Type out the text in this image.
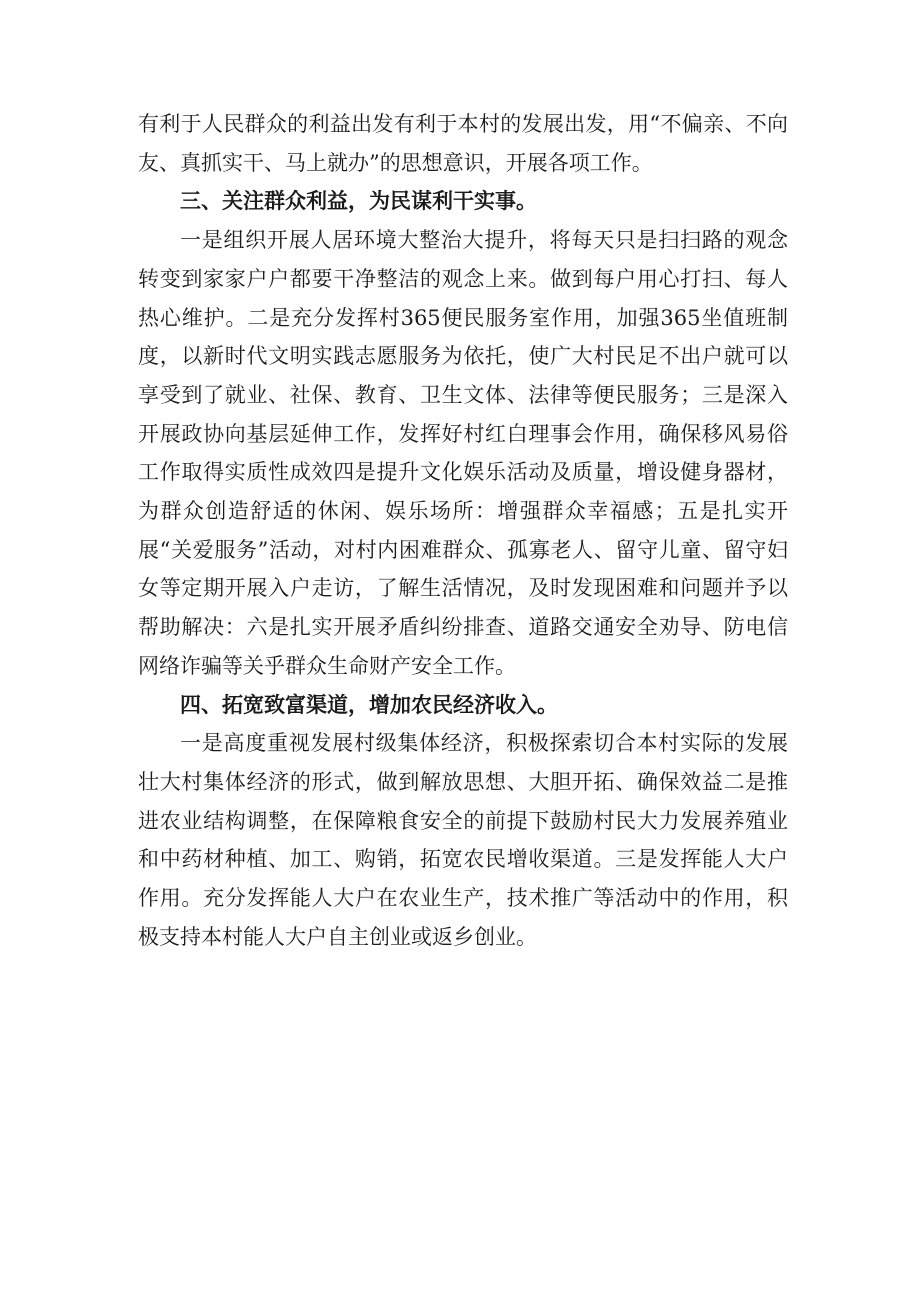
有利于人民群众的利益出发有利于本村的发展出发，用“不偏亲、不向友、真抓实干、马上就办”的思想意识，开展各项工作。

三、关注群众利益，为民谋利干实事。

一是组织开展人居环境大整治大提升，将每天只是扫扫路的观念转变到家家户户都要干净整洁的观念上来。做到每户用心打扫、每人热心维护。二是充分发挥村365便民服务室作用，加强365坐值班制度，以新时代文明实践志愿服务为依托，使广大村民足不出户就可以享受到了就业、社保、教育、卫生文体、法律等便民服务；三是深入开展政协向基层延伸工作，发挥好村红白理事会作用，确保移风易俗工作取得实质性成效四是提升文化娱乐活动及质量，增设健身器材，为群众创造舒适的休闲、娱乐场所：增强群众幸福感；五是扎实开展“关爱服务”活动，对村内困难群众、孤寡老人、留守儿童、留守妇女等定期开展入户走访，了解生活情况，及时发现困难和问题并予以帮助解决：六是扎实开展矛盾纠纷排查、道路交通安全劝导、防电信网络诈骗等关乎群众生命财产安全工作。

四、拓宽致富渠道，增加农民经济收入。

一是高度重视发展村级集体经济，积极探索切合本村实际的发展壮大村集体经济的形式，做到解放思想、大胆开拓、确保效益二是推进农业结构调整，在保障粮食安全的前提下鼓励村民大力发展养殖业和中药材种植、加工、购销，拓宽农民增收渠道。三是发挥能人大户作用。充分发挥能人大户在农业生产，技术推广等活动中的作用，积极支持本村能人大户自主创业或返乡创业。
